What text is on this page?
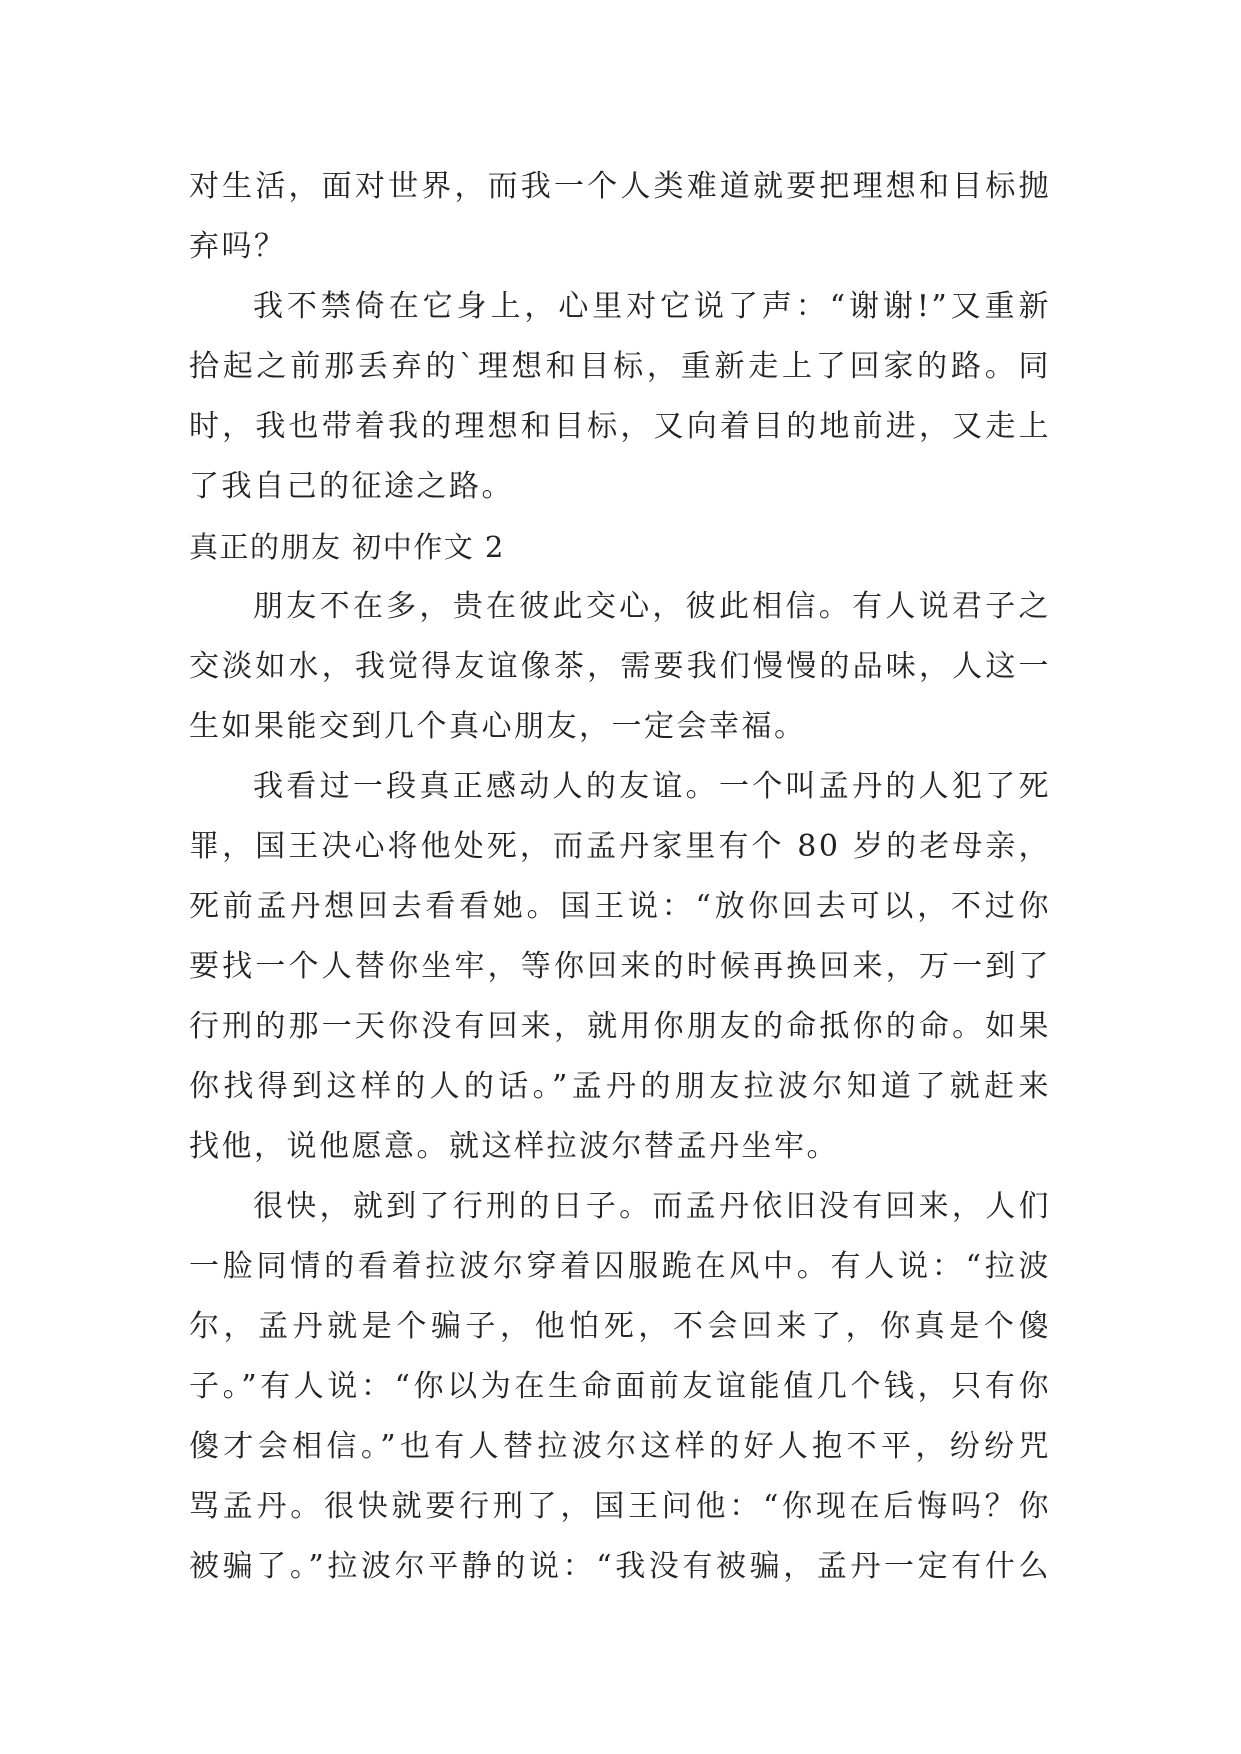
对生活，面对世界，而我一个人类难道就要把理想和目标抛
弃吗？
我不禁倚在它身上，心里对它说了声：“谢谢!”又重新
拾起之前那丢弃的`理想和目标，重新走上了回家的路。同
时，我也带着我的理想和目标，又向着目的地前进，又走上
了我自己的征途之路。
真正的朋友 初中作文 2
朋友不在多，贵在彼此交心，彼此相信。有人说君子之
交淡如水，我觉得友谊像茶，需要我们慢慢的品味，人这一
生如果能交到几个真心朋友，一定会幸福。
我看过一段真正感动人的友谊。一个叫孟丹的人犯了死
罪，国王决心将他处死，而孟丹家里有个 80 岁的老母亲，
死前孟丹想回去看看她。国王说：“放你回去可以，不过你
要找一个人替你坐牢，等你回来的时候再换回来，万一到了
行刑的那一天你没有回来，就用你朋友的命抵你的命。如果
你找得到这样的人的话。”孟丹的朋友拉波尔知道了就赶来
找他，说他愿意。就这样拉波尔替孟丹坐牢。
很快，就到了行刑的日子。而孟丹依旧没有回来，人们
一脸同情的看着拉波尔穿着囚服跪在风中。有人说：“拉波
尔，孟丹就是个骗子，他怕死，不会回来了，你真是个傻
子。”有人说：“你以为在生命面前友谊能值几个钱，只有你
傻才会相信。”也有人替拉波尔这样的好人抱不平，纷纷咒
骂孟丹。很快就要行刑了，国王问他：“你现在后悔吗？你
被骗了。”拉波尔平静的说：“我没有被骗，孟丹一定有什么
